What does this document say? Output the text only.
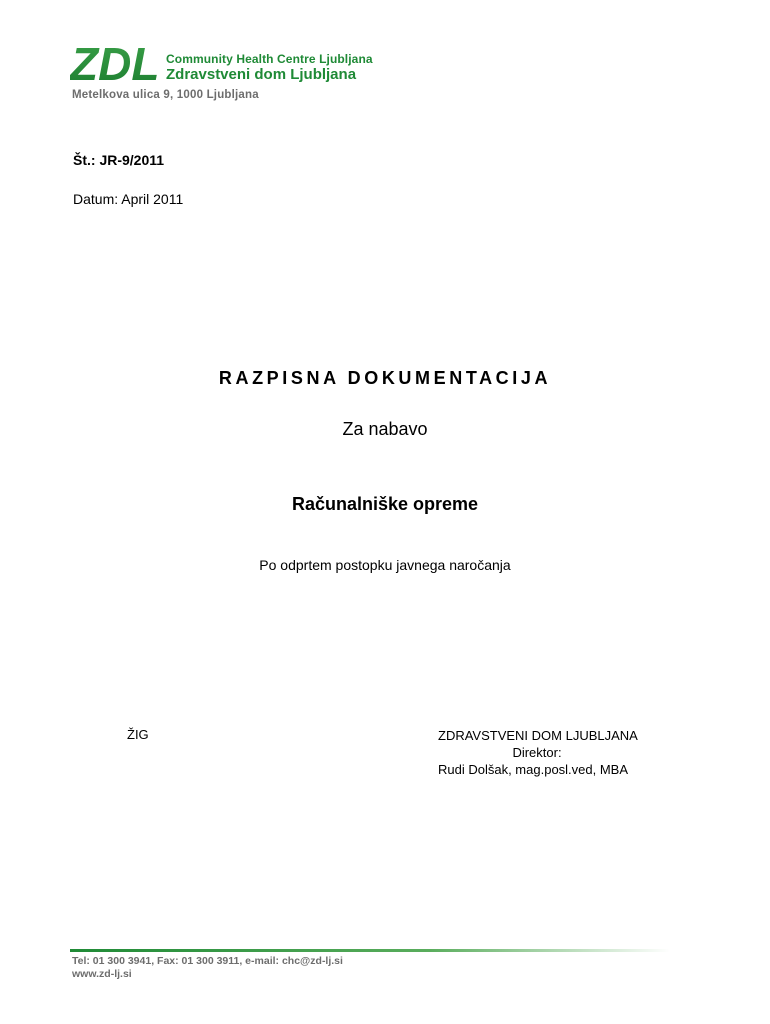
ZDL Community Health Centre Ljubljana
Zdravstveni dom Ljubljana
Metelkova ulica 9, 1000 Ljubljana
Št.: JR-9/2011
Datum: April 2011
RAZPISNA DOKUMENTACIJA
Za nabavo
Računalniške opreme
Po odprtem postopku javnega naročanja
ŽIG	ZDRAVSTVENI DOM LJUBLJANA
Direktor:
Rudi Dolšak, mag.posl.ved, MBA
Tel: 01 300 3941, Fax: 01 300 3911, e-mail: chc@zd-lj.si
www.zd-lj.si
